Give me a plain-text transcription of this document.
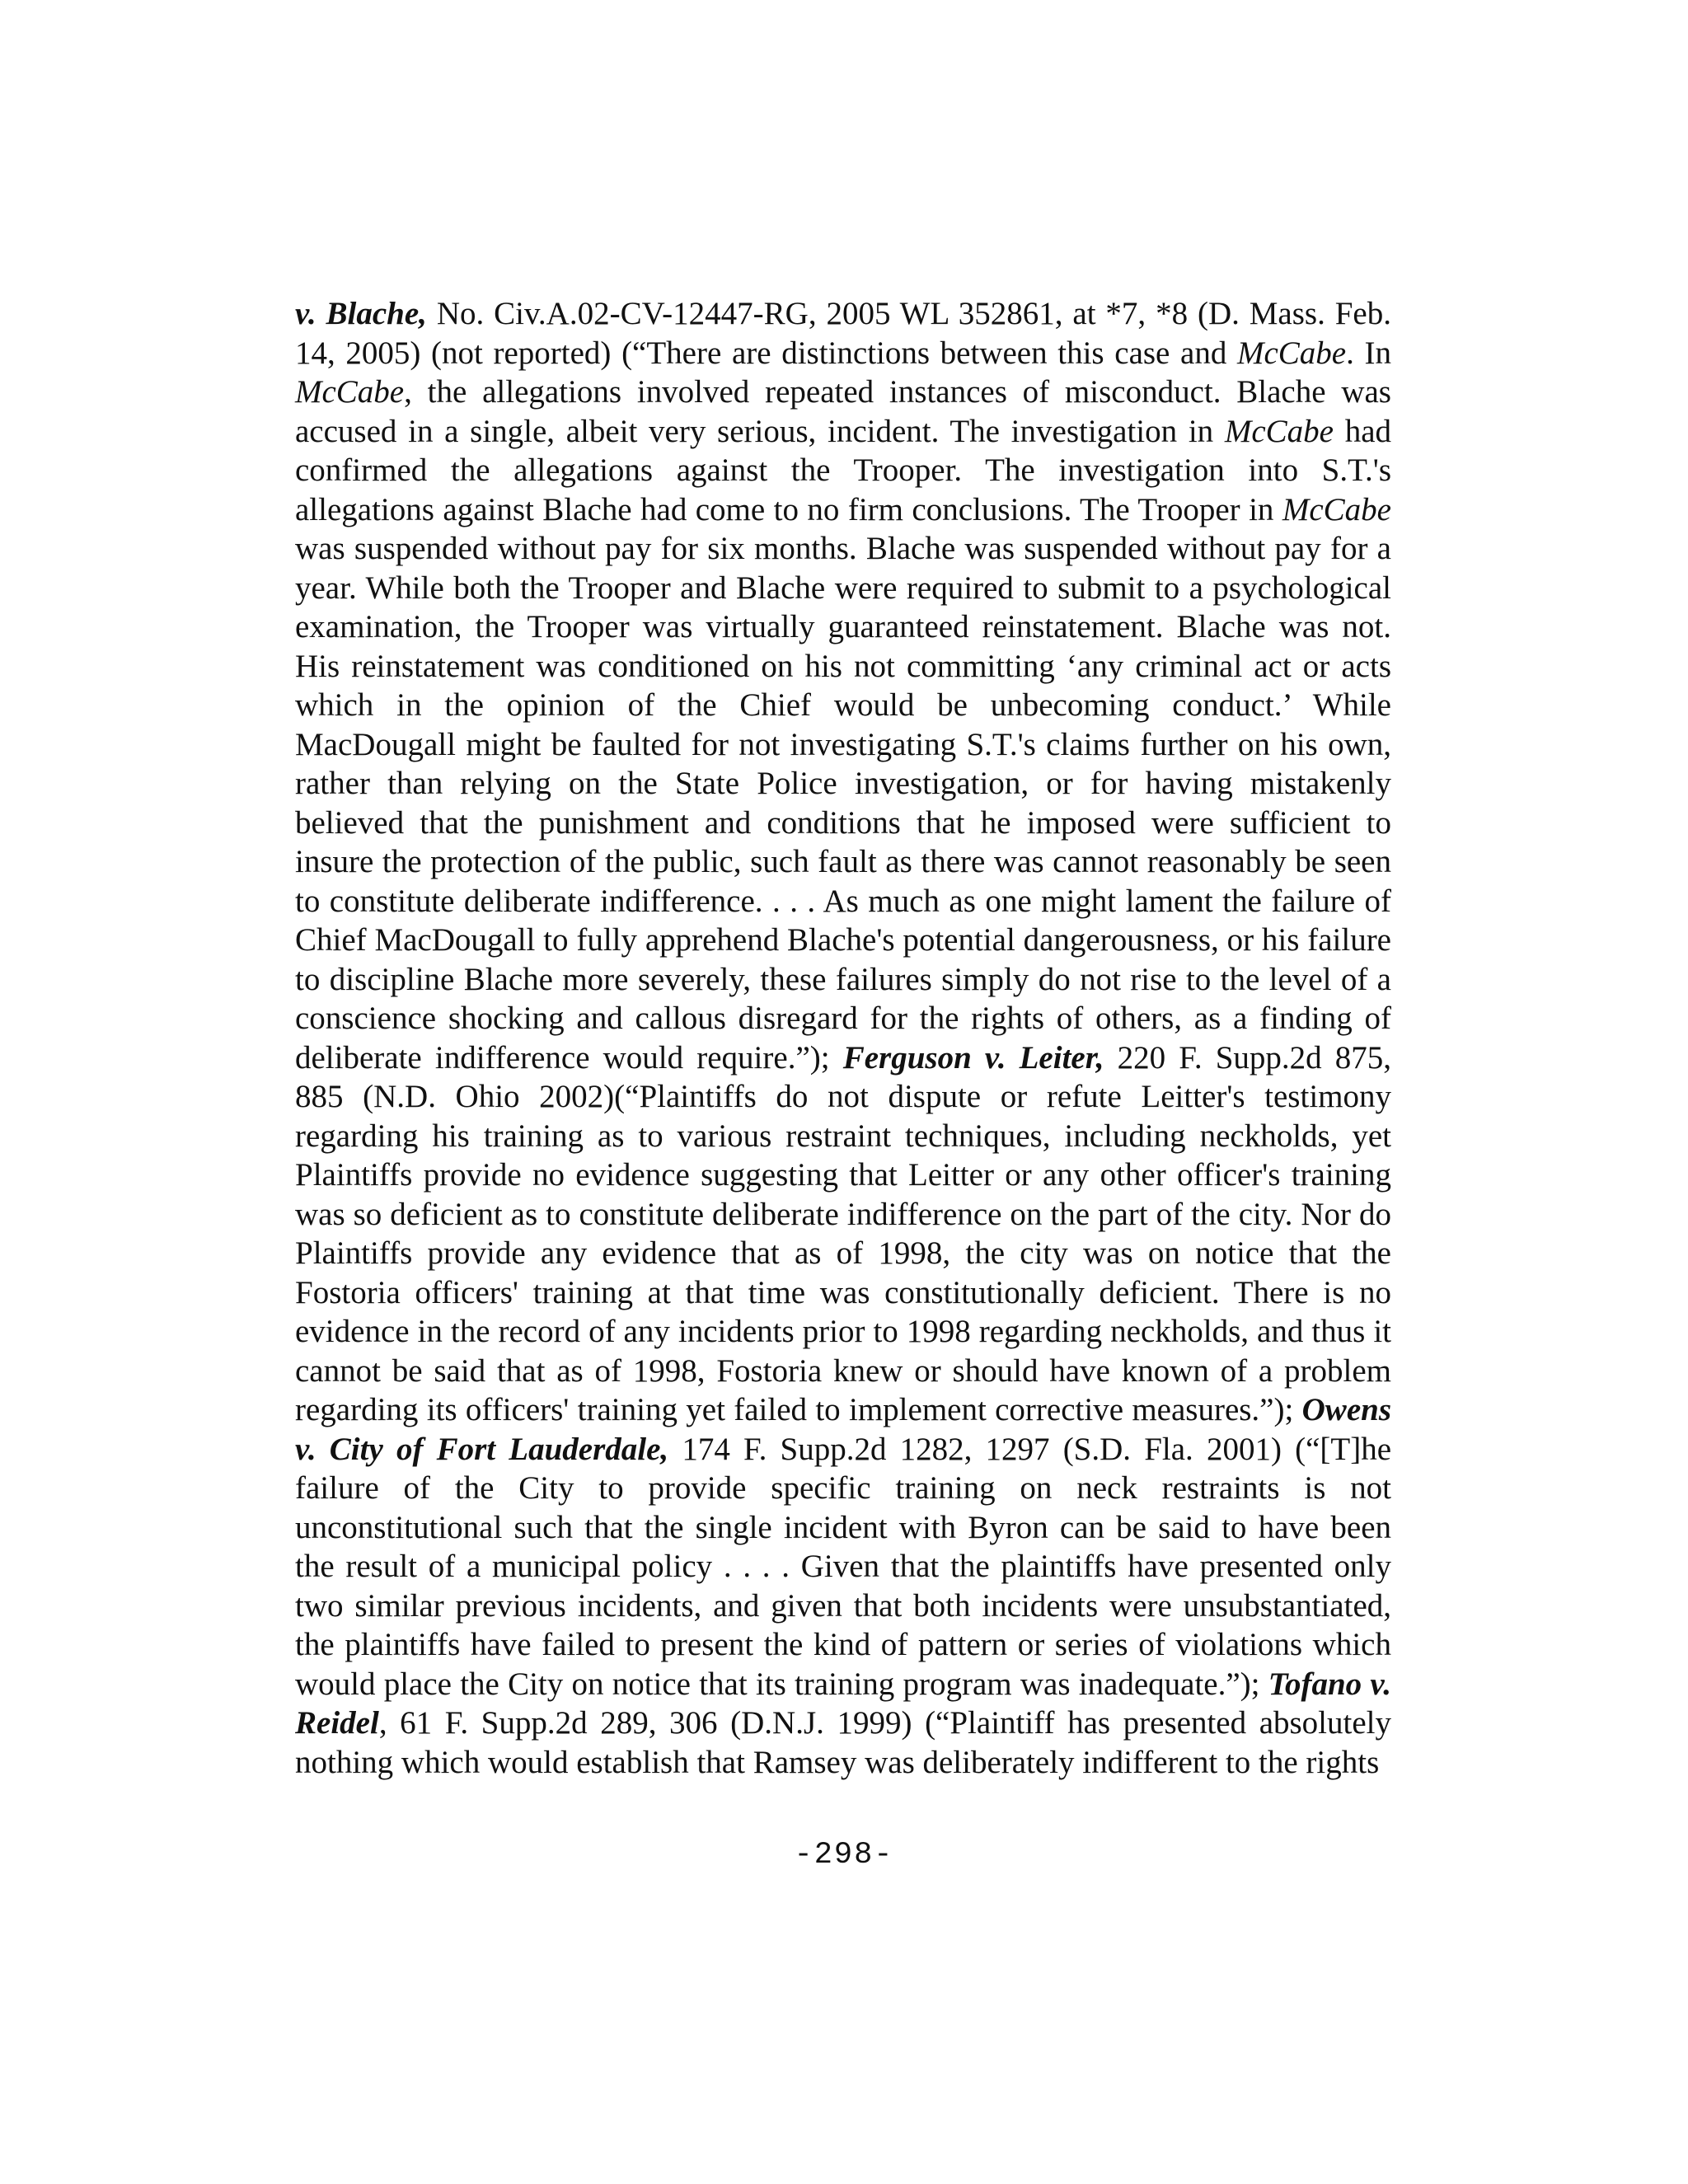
v. Blache, No. Civ.A.02-CV-12447-RG, 2005 WL 352861, at *7, *8 (D. Mass. Feb. 14, 2005) (not reported) (“There are distinctions between this case and McCabe. In McCabe, the allegations involved repeated instances of misconduct. Blache was accused in a single, albeit very serious, incident. The investigation in McCabe had confirmed the allegations against the Trooper. The investigation into S.T.'s allegations against Blache had come to no firm conclusions. The Trooper in McCabe was suspended without pay for six months. Blache was suspended without pay for a year. While both the Trooper and Blache were required to submit to a psychological examination, the Trooper was virtually guaranteed reinstatement. Blache was not. His reinstatement was conditioned on his not committing ‘any criminal act or acts which in the opinion of the Chief would be unbecoming conduct.’ While MacDougall might be faulted for not investigating S.T.'s claims further on his own, rather than relying on the State Police investigation, or for having mistakenly believed that the punishment and conditions that he imposed were sufficient to insure the protection of the public, such fault as there was cannot reasonably be seen to constitute deliberate indifference. . . . As much as one might lament the failure of Chief MacDougall to fully apprehend Blache's potential dangerousness, or his failure to discipline Blache more severely, these failures simply do not rise to the level of a conscience shocking and callous disregard for the rights of others, as a finding of deliberate indifference would require.”); Ferguson v. Leiter, 220 F. Supp.2d 875, 885 (N.D. Ohio 2002)(“Plaintiffs do not dispute or refute Leitter's testimony regarding his training as to various restraint techniques, including neckholds, yet Plaintiffs provide no evidence suggesting that Leitter or any other officer's training was so deficient as to constitute deliberate indifference on the part of the city. Nor do Plaintiffs provide any evidence that as of 1998, the city was on notice that the Fostoria officers' training at that time was constitutionally deficient. There is no evidence in the record of any incidents prior to 1998 regarding neckholds, and thus it cannot be said that as of 1998, Fostoria knew or should have known of a problem regarding its officers' training yet failed to implement corrective measures.”); Owens v. City of Fort Lauderdale, 174 F. Supp.2d 1282, 1297 (S.D. Fla. 2001) (“[T]he failure of the City to provide specific training on neck restraints is not unconstitutional such that the single incident with Byron can be said to have been the result of a municipal policy . . . . Given that the plaintiffs have presented only two similar previous incidents, and given that both incidents were unsubstantiated, the plaintiffs have failed to present the kind of pattern or series of violations which would place the City on notice that its training program was inadequate.”); Tofano v. Reidel, 61 F. Supp.2d 289, 306 (D.N.J. 1999) (“Plaintiff has presented absolutely nothing which would establish that Ramsey was deliberately indifferent to the rights

-298-
